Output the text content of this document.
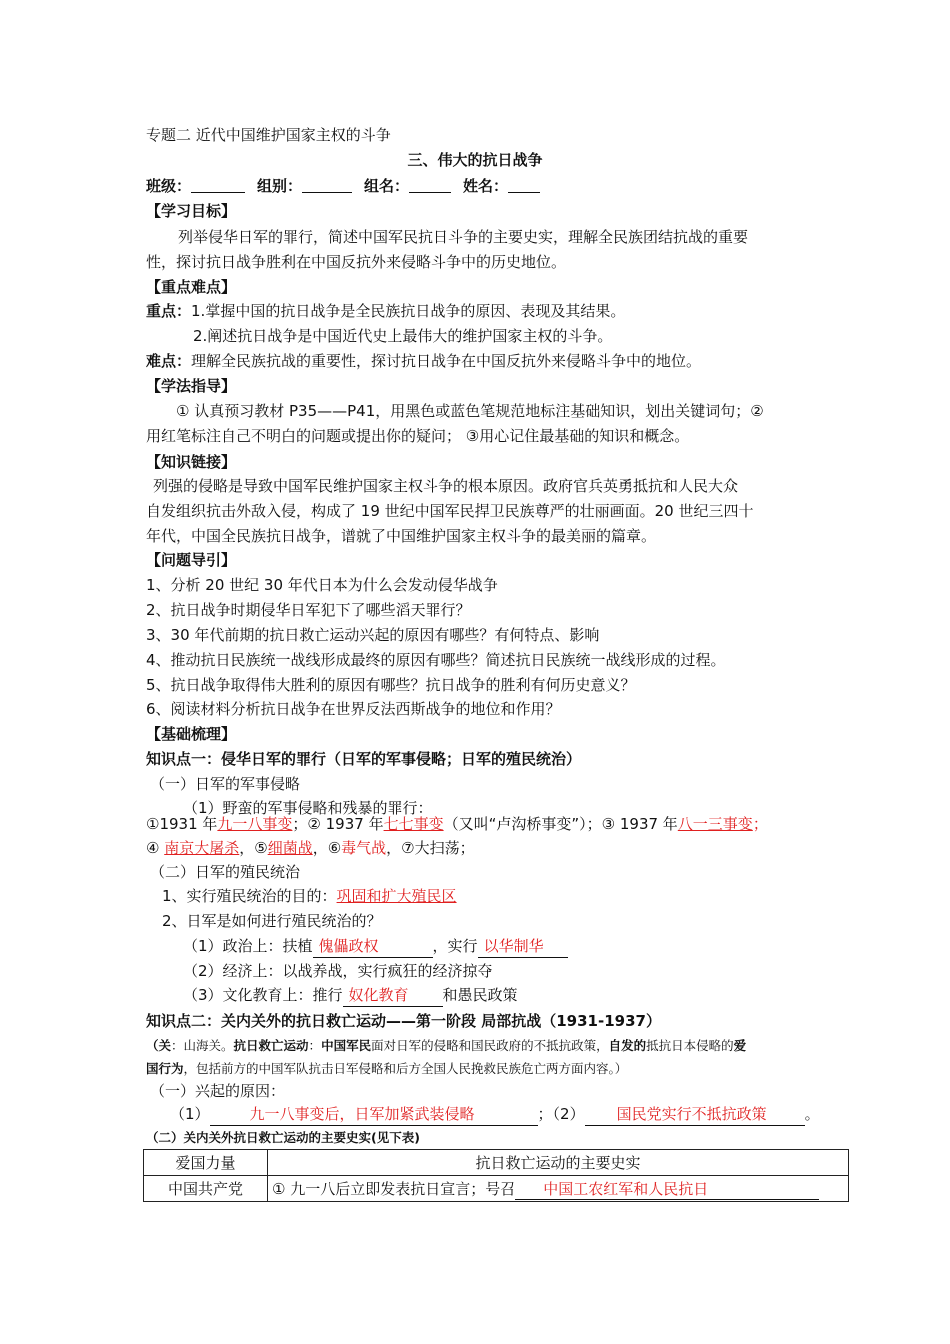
专题二 近代中国维护国家主权的斗争
三、伟大的抗日战争
班级：	组别：	组名：	姓名：
【学习目标】
列举侵华日军的罪行，简述中国军民抗日斗争的主要史实，理解全民族团结抗战的重要
性，探讨抗日战争胜利在中国反抗外来侵略斗争中的历史地位。
【重点难点】
重点：1.掌握中国的抗日战争是全民族抗日战争的原因、表现及其结果。
2.阐述抗日战争是中国近代史上最伟大的维护国家主权的斗争。
难点：理解全民族抗战的重要性，探讨抗日战争在中国反抗外来侵略斗争中的地位。
【学法指导】
① 认真预习教材 P35——P41，用黑色或蓝色笔规范地标注基础知识，划出关键词句；②
用红笔标注自己不明白的问题或提出你的疑问； ③用心记住最基础的知识和概念。
【知识链接】
列强的侵略是导致中国军民维护国家主权斗争的根本原因。政府官兵英勇抵抗和人民大众
自发组织抗击外敌入侵，构成了 19 世纪中国军民捍卫民族尊严的壮丽画面。20 世纪三四十
年代，中国全民族抗日战争，谱就了中国维护国家主权斗争的最美丽的篇章。
【问题导引】
1、分析 20 世纪 30 年代日本为什么会发动侵华战争
2、抗日战争时期侵华日军犯下了哪些滔天罪行？
3、30 年代前期的抗日救亡运动兴起的原因有哪些？有何特点、影响
4、推动抗日民族统一战线形成最终的原因有哪些？简述抗日民族统一战线形成的过程。
5、抗日战争取得伟大胜利的原因有哪些？抗日战争的胜利有何历史意义？
6、阅读材料分析抗日战争在世界反法西斯战争的地位和作用？
【基础梳理】
知识点一：侵华日军的罪行（日军的军事侵略；日军的殖民统治）
（一）日军的军事侵略
（1）野蛮的军事侵略和残暴的罪行：
①1931 年九一八事变；② 1937 年七七事变（又叫“卢沟桥事变”）；③ 1937 年八一三事变；
④ 南京大屠杀，⑤细菌战，⑥毒气战，⑦大扫荡；
（二）日军的殖民统治
1、实行殖民统治的目的：巩固和扩大殖民区
2、日军是如何进行殖民统治的？
（1）政治上：扶植 傀儡政权	，实行 以华制华
（2）经济上：以战养战，实行疯狂的经济掠夺
（3）文化教育上：推行 奴化教育 和愚民政策
知识点二：关内关外的抗日救亡运动——第一阶段 局部抗战（1931-1937）
（关：山海关。抗日救亡运动：中国军民面对日军的侵略和国民政府的不抵抗政策，自发的抵抗日本侵略的爱
国行为，包括前方的中国军队抗击日军侵略和后方全国人民挽救民族危亡两方面内容。）
（一）兴起的原因：
（1）	九一八事变后，日军加紧武装侵略	；（2） 国民党实行不抵抗政策	。
（二）关内关外抗日救亡运动的主要史实(见下表)
爱国力量	抗日救亡运动的主要史实
中国共产党	① 九一八后立即发表抗日宣言；号召 中国工农红军和人民抗日
